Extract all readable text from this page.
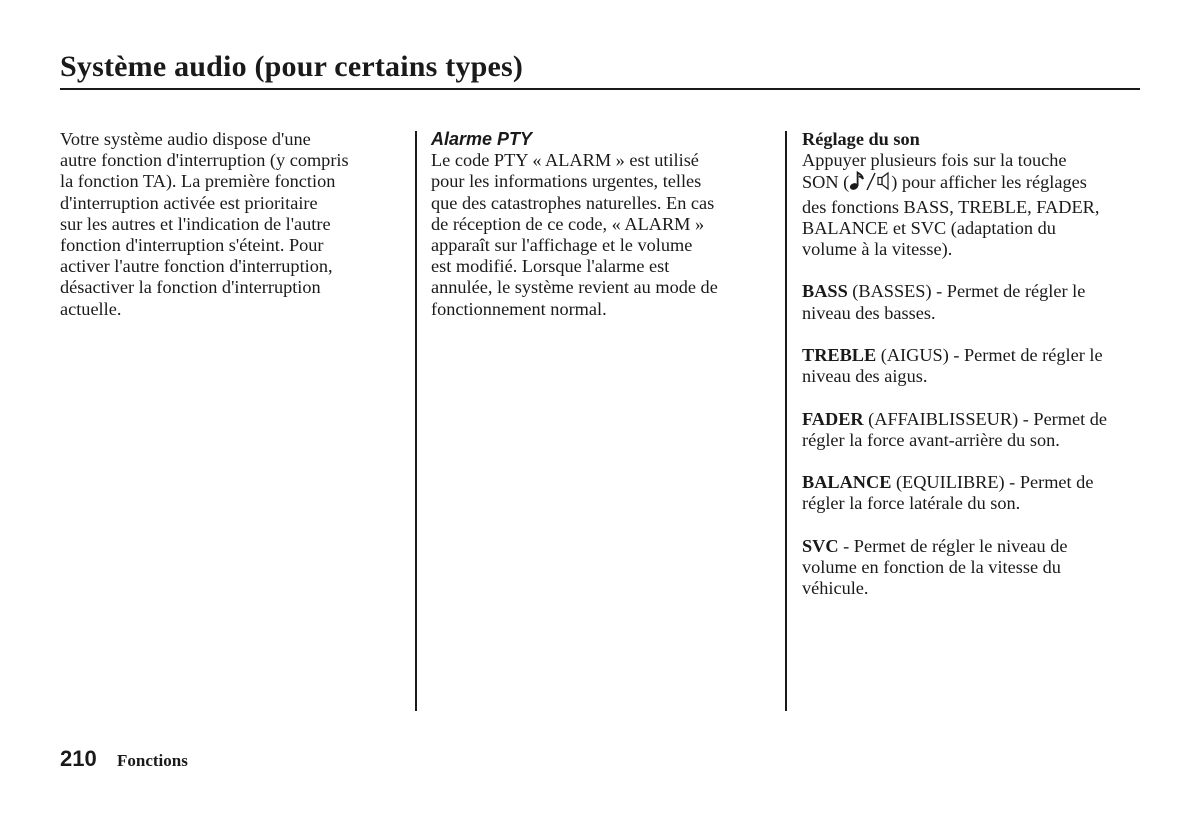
Système audio (pour certains types)

Votre système audio dispose d'une
autre fonction d'interruption (y compris
la fonction TA). La première fonction
d'interruption activée est prioritaire
sur les autres et l'indication de l'autre
fonction d'interruption s'éteint. Pour
activer l'autre fonction d'interruption,
désactiver la fonction d'interruption
actuelle.

Alarme PTY

Le code PTY « ALARM » est utilisé
pour les informations urgentes, telles
que des catastrophes naturelles. En cas
de réception de ce code, « ALARM »
apparaît sur l'affichage et le volume
est modifié. Lorsque l'alarme est
annulée, le système revient au mode de
fonctionnement normal.

Réglage du son

Appuyer plusieurs fois sur la touche
SON ( ) pour afficher les réglages
des fonctions BASS, TREBLE, FADER,
BALANCE et SVC (adaptation du
volume à la vitesse).

BASS (BASSES) - Permet de régler le
niveau des basses.

TREBLE (AIGUS) - Permet de régler le
niveau des aigus.

FADER (AFFAIBLISSEUR) - Permet de
régler la force avant-arrière du son.

BALANCE (EQUILIBRE) - Permet de
régler la force latérale du son.

SVC - Permet de régler le niveau de
volume en fonction de la vitesse du
véhicule.

210 Fonctions
